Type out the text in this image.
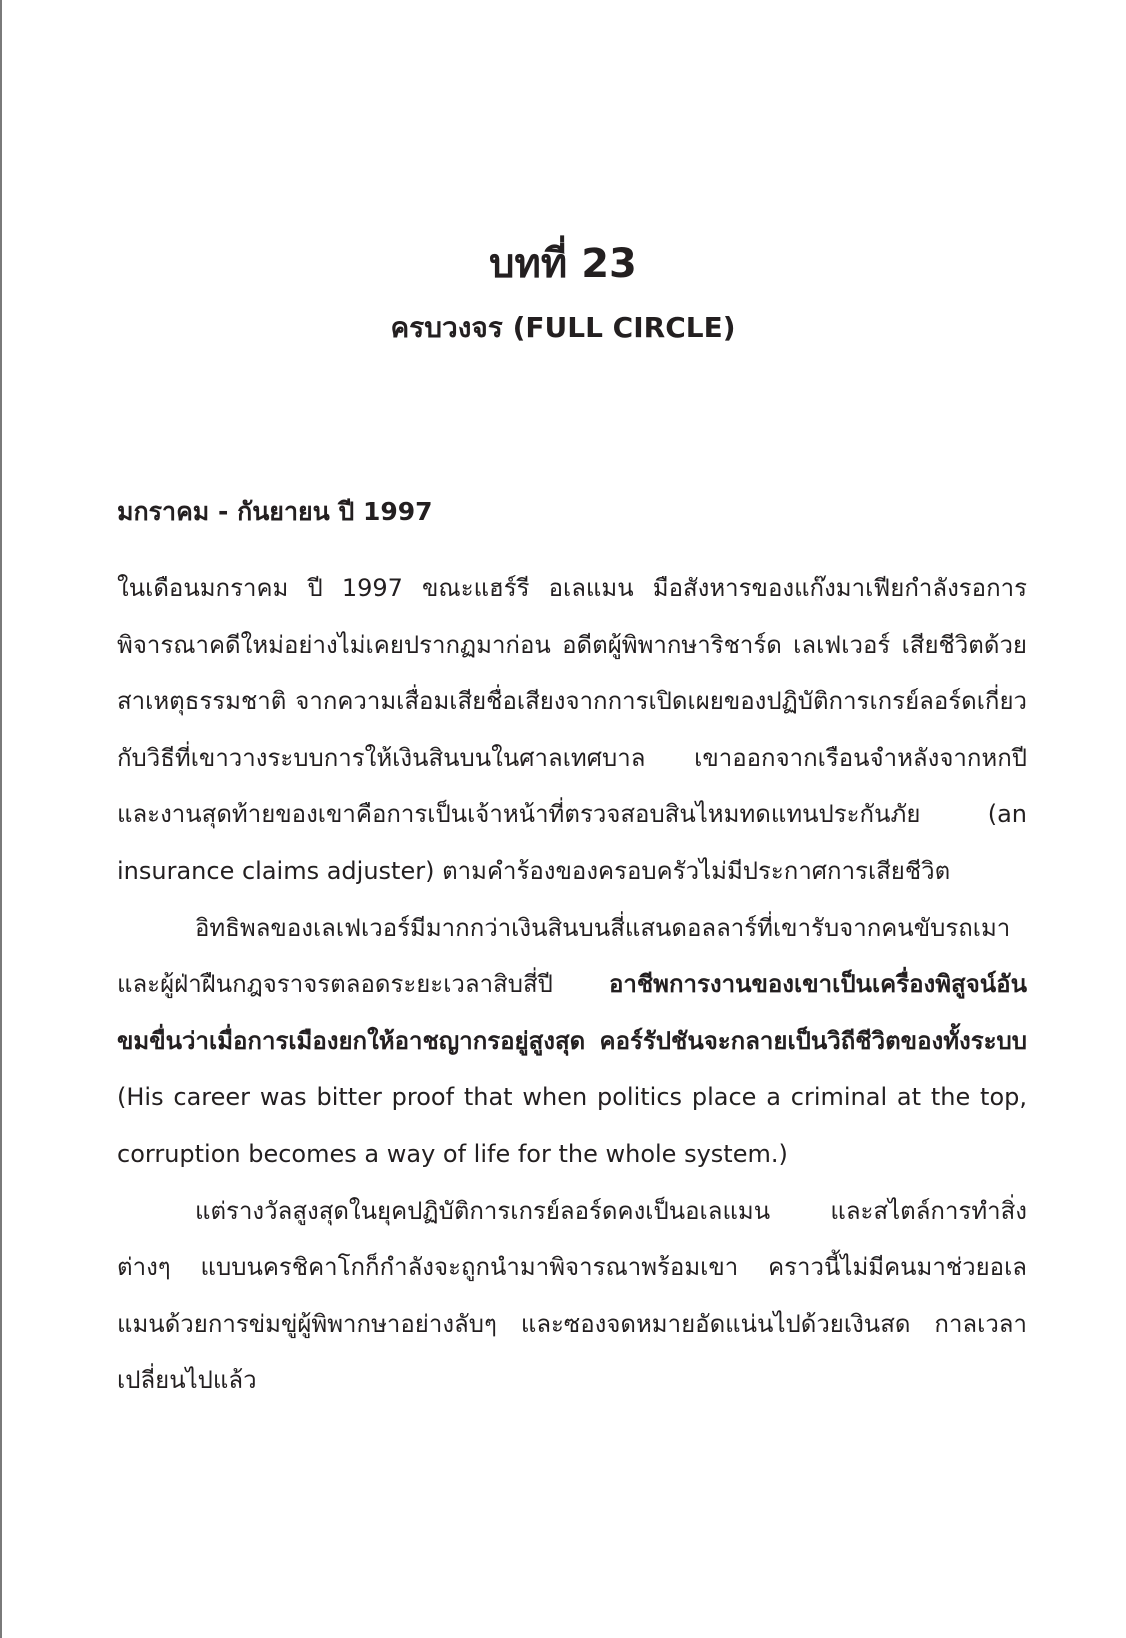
บทที่ 23
ครบวงจร (FULL CIRCLE)
มกราคม - กันยายน ปี 1997

ในเดือนมกราคม ปี 1997 ขณะแฮร์รี อเลแมน มือสังหารของแก๊งมาเฟียกำลังรอการพิจารณาคดีใหม่อย่างไม่เคยปรากฏมาก่อน อดีตผู้พิพากษาริชาร์ด เลเฟเวอร์ เสียชีวิตด้วยสาเหตุธรรมชาติ จากความเสื่อมเสียชื่อเสียงจากการเปิดเผยของปฏิบัติการเกรย์ลอร์ดเกี่ยวกับวิธีที่เขาวางระบบการให้เงินสินบนในศาลเทศบาล เขาออกจากเรือนจำหลังจากหกปี และงานสุดท้ายของเขาคือการเป็นเจ้าหน้าที่ตรวจสอบสินไหมทดแทนประกันภัย (an insurance claims adjuster) ตามคำร้องของครอบครัวไม่มีประกาศการเสียชีวิต

อิทธิพลของเลเฟเวอร์มีมากกว่าเงินสินบนสี่แสนดอลลาร์ที่เขารับจากคนขับรถเมาและผู้ฝ่าฝืนกฎจราจรตลอดระยะเวลาสิบสี่ปี อาชีพการงานของเขาเป็นเครื่องพิสูจน์อันขมขื่นว่าเมื่อการเมืองยกให้อาชญากรอยู่สูงสุด คอร์รัปชันจะกลายเป็นวิถีชีวิตของทั้งระบบ (His career was bitter proof that when politics place a criminal at the top, corruption becomes a way of life for the whole system.)

แต่รางวัลสูงสุดในยุคปฏิบัติการเกรย์ลอร์ดคงเป็นอเลแมน และสไตล์การทำสิ่งต่างๆ แบบนครชิคาโกก็กำลังจะถูกนำมาพิจารณาพร้อมเขา คราวนี้ไม่มีคนมาช่วยอเลแมนด้วยการข่มขู่ผู้พิพากษาอย่างลับๆ และซองจดหมายอัดแน่นไปด้วยเงินสด กาลเวลาเปลี่ยนไปแล้ว
